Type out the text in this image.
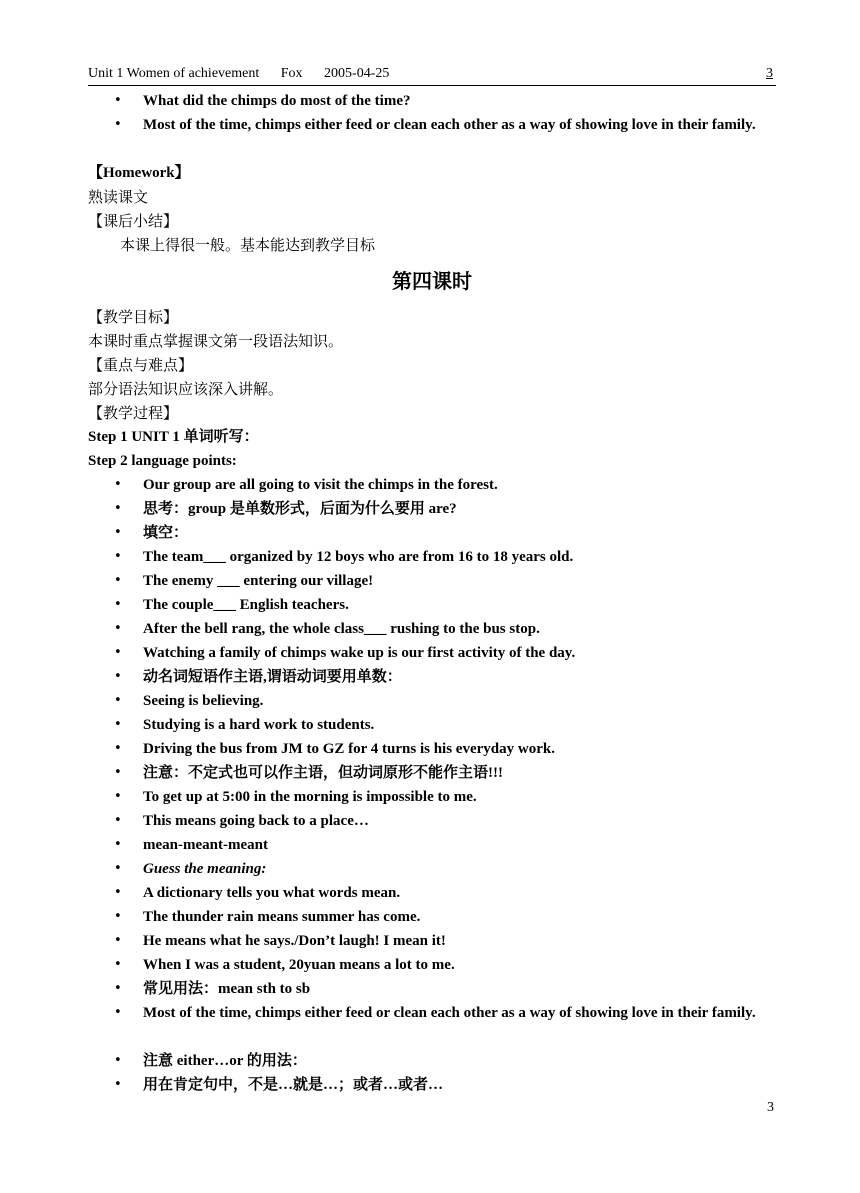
Unit 1 Women of achievement Fox 2005-04-25	3
• What did the chimps do most of the time?
• Most of the time, chimps either feed or clean each other as a way of showing love in their family.
【Homework】
熟读课文
【课后小结】
本课上得很一般。基本能达到教学目标
第四课时
【教学目标】
本课时重点掌握课文第一段语法知识。
【重点与难点】
部分语法知识应该深入讲解。
【教学过程】
Step 1 UNIT 1 单词听写：
Step 2 language points:
• Our group are all going to visit the chimps in the forest.
• 思考：group 是单数形式，后面为什么要用 are?
• 填空：
• The team___ organized by 12 boys who are from 16 to 18 years old.
• The enemy ___ entering our village!
• The couple___ English teachers.
• After the bell rang, the whole class___ rushing to the bus stop.
• Watching a family of chimps wake up is our first activity of the day.
• 动名词短语作主语,谓语动词要用单数：
• Seeing is believing.
• Studying is a hard work to students.
• Driving the bus from JM to GZ for 4 turns is his everyday work.
• 注意：不定式也可以作主语，但动词原形不能作主语!!!
• To get up at 5:00 in the morning is impossible to me.
• This means going back to a place…
• mean-meant-meant
• Guess the meaning:
• A dictionary tells you what words mean.
• The thunder rain means summer has come.
• He means what he says./Don’t laugh! I mean it!
• When I was a student, 20yuan means a lot to me.
• 常见用法：mean sth to sb
• Most of the time, chimps either feed or clean each other as a way of showing love in their family.
• 注意 either…or 的用法：
• 用在肯定句中，不是…就是…；或者…或者…
3
